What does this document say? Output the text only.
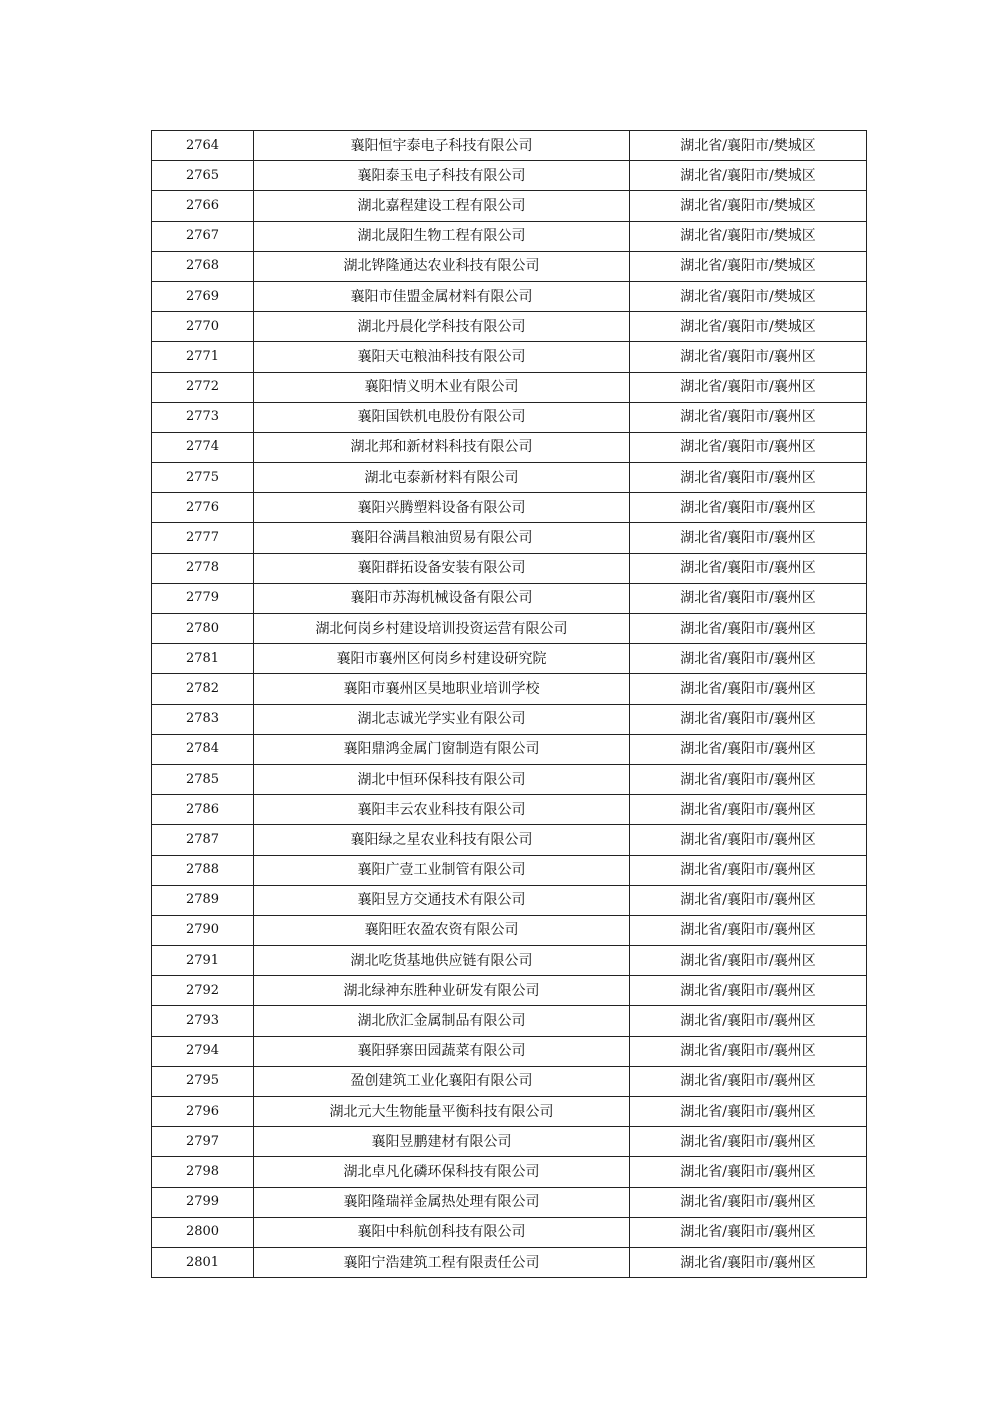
2764	襄阳恒宇泰电子科技有限公司	湖北省/襄阳市/樊城区
2765	襄阳泰玉电子科技有限公司	湖北省/襄阳市/樊城区
2766	湖北嘉程建设工程有限公司	湖北省/襄阳市/樊城区
2767	湖北晟阳生物工程有限公司	湖北省/襄阳市/樊城区
2768	湖北铧隆通达农业科技有限公司	湖北省/襄阳市/樊城区
2769	襄阳市佳盟金属材料有限公司	湖北省/襄阳市/樊城区
2770	湖北丹晨化学科技有限公司	湖北省/襄阳市/樊城区
2771	襄阳天屯粮油科技有限公司	湖北省/襄阳市/襄州区
2772	襄阳情义明木业有限公司	湖北省/襄阳市/襄州区
2773	襄阳国铁机电股份有限公司	湖北省/襄阳市/襄州区
2774	湖北邦和新材料科技有限公司	湖北省/襄阳市/襄州区
2775	湖北屯泰新材料有限公司	湖北省/襄阳市/襄州区
2776	襄阳兴腾塑料设备有限公司	湖北省/襄阳市/襄州区
2777	襄阳谷满昌粮油贸易有限公司	湖北省/襄阳市/襄州区
2778	襄阳群拓设备安装有限公司	湖北省/襄阳市/襄州区
2779	襄阳市苏海机械设备有限公司	湖北省/襄阳市/襄州区
2780	湖北何岗乡村建设培训投资运营有限公司	湖北省/襄阳市/襄州区
2781	襄阳市襄州区何岗乡村建设研究院	湖北省/襄阳市/襄州区
2782	襄阳市襄州区昊地职业培训学校	湖北省/襄阳市/襄州区
2783	湖北志诚光学实业有限公司	湖北省/襄阳市/襄州区
2784	襄阳鼎鸿金属门窗制造有限公司	湖北省/襄阳市/襄州区
2785	湖北中恒环保科技有限公司	湖北省/襄阳市/襄州区
2786	襄阳丰云农业科技有限公司	湖北省/襄阳市/襄州区
2787	襄阳绿之星农业科技有限公司	湖北省/襄阳市/襄州区
2788	襄阳广壹工业制管有限公司	湖北省/襄阳市/襄州区
2789	襄阳昱方交通技术有限公司	湖北省/襄阳市/襄州区
2790	襄阳旺农盈农资有限公司	湖北省/襄阳市/襄州区
2791	湖北吃货基地供应链有限公司	湖北省/襄阳市/襄州区
2792	湖北绿神东胜种业研发有限公司	湖北省/襄阳市/襄州区
2793	湖北欣汇金属制品有限公司	湖北省/襄阳市/襄州区
2794	襄阳驿寨田园蔬菜有限公司	湖北省/襄阳市/襄州区
2795	盈创建筑工业化襄阳有限公司	湖北省/襄阳市/襄州区
2796	湖北元大生物能量平衡科技有限公司	湖北省/襄阳市/襄州区
2797	襄阳昱鹏建材有限公司	湖北省/襄阳市/襄州区
2798	湖北卓凡化磷环保科技有限公司	湖北省/襄阳市/襄州区
2799	襄阳隆瑞祥金属热处理有限公司	湖北省/襄阳市/襄州区
2800	襄阳中科航创科技有限公司	湖北省/襄阳市/襄州区
2801	襄阳宁浩建筑工程有限责任公司	湖北省/襄阳市/襄州区
